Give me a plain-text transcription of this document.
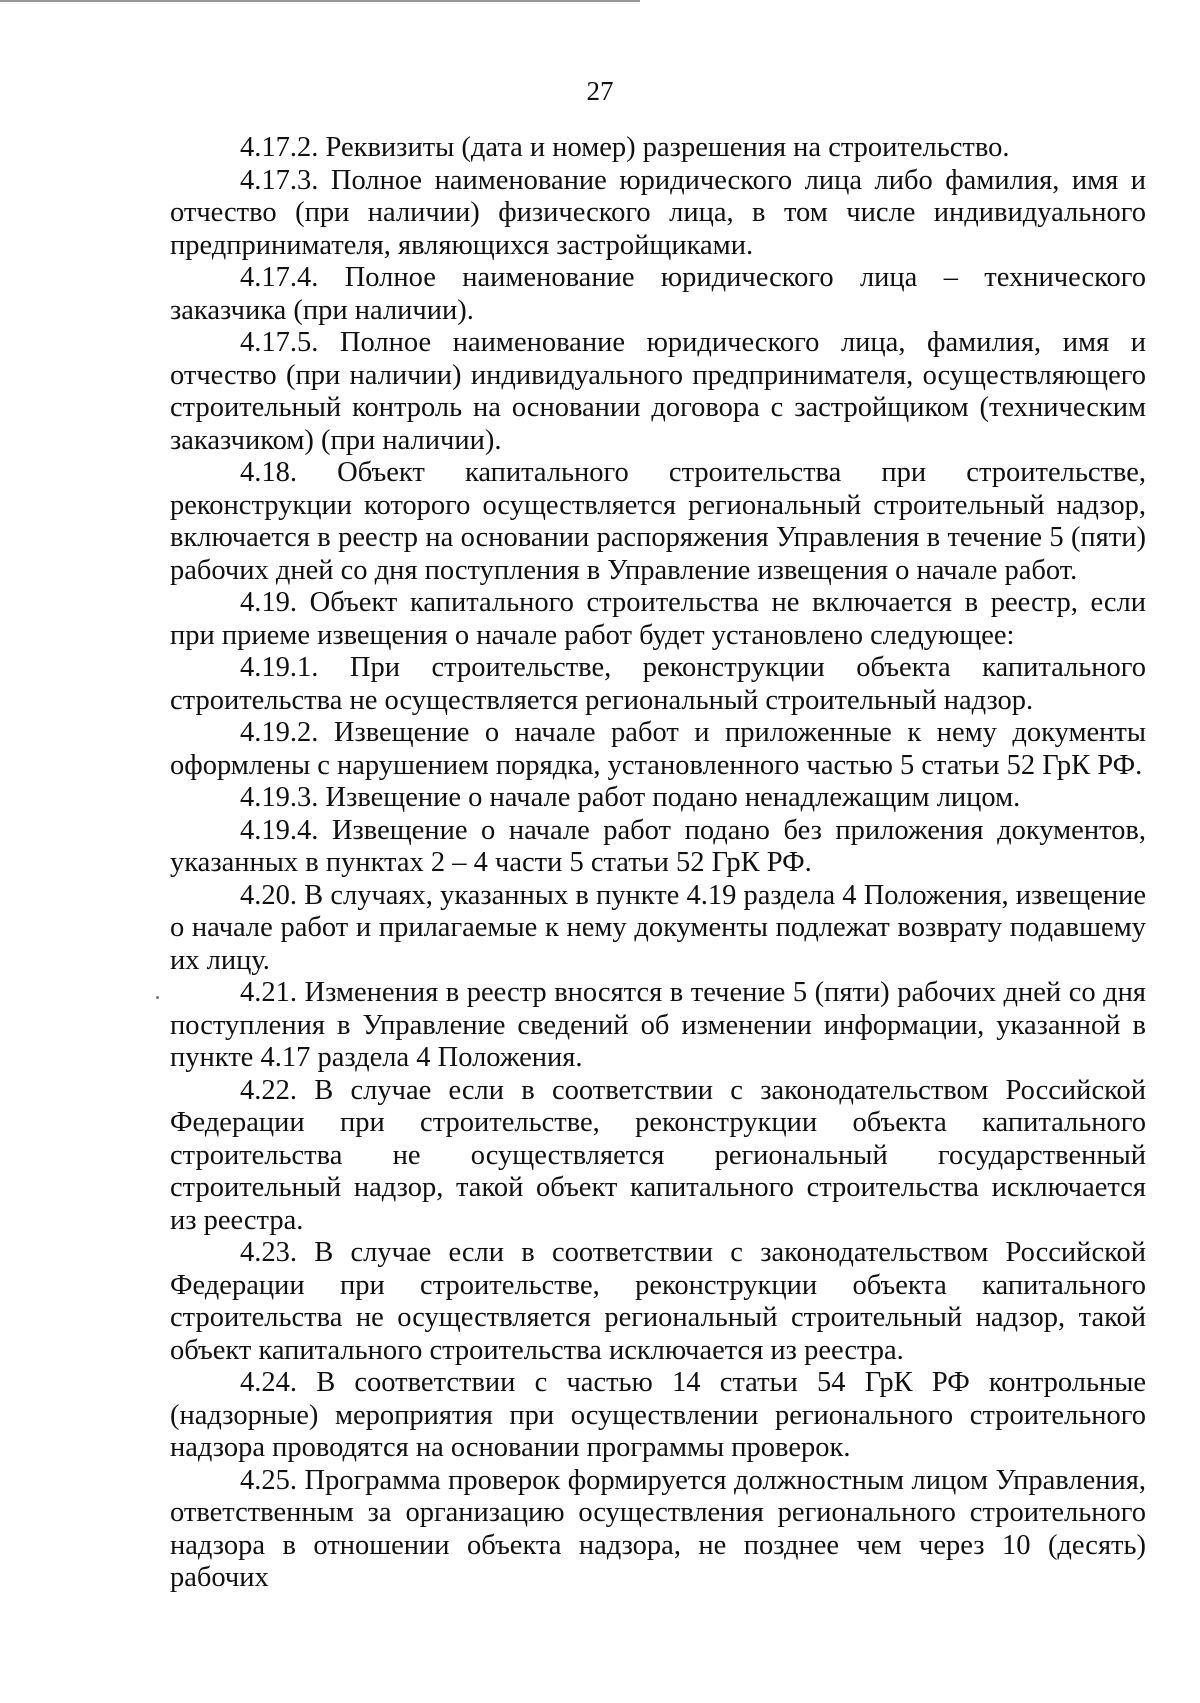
27

4.17.2. Реквизиты (дата и номер) разрешения на строительство.

4.17.3. Полное наименование юридического лица либо фамилия, имя и отчество (при наличии) физического лица, в том числе индивидуального предпринимателя, являющихся застройщиками.

4.17.4. Полное наименование юридического лица – технического заказчика (при наличии).

4.17.5. Полное наименование юридического лица, фамилия, имя и отчество (при наличии) индивидуального предпринимателя, осуществляющего строительный контроль на основании договора с застройщиком (техническим заказчиком) (при наличии).

4.18. Объект капитального строительства при строительстве, реконструкции которого осуществляется региональный строительный надзор, включается в реестр на основании распоряжения Управления в течение 5 (пяти) рабочих дней со дня поступления в Управление извещения о начале работ.

4.19. Объект капитального строительства не включается в реестр, если при приеме извещения о начале работ будет установлено следующее:

4.19.1. При строительстве, реконструкции объекта капитального строительства не осуществляется региональный строительный надзор.

4.19.2. Извещение о начале работ и приложенные к нему документы оформлены с нарушением порядка, установленного частью 5 статьи 52 ГрК РФ.

4.19.3. Извещение о начале работ подано ненадлежащим лицом.

4.19.4. Извещение о начале работ подано без приложения документов, указанных в пунктах 2 – 4 части 5 статьи 52 ГрК РФ.

4.20. В случаях, указанных в пункте 4.19 раздела 4 Положения, извещение о начале работ и прилагаемые к нему документы подлежат возврату подавшему их лицу.

4.21. Изменения в реестр вносятся в течение 5 (пяти) рабочих дней со дня поступления в Управление сведений об изменении информации, указанной в пункте 4.17 раздела 4 Положения.

4.22. В случае если в соответствии с законодательством Российской Федерации при строительстве, реконструкции объекта капитального строительства не осуществляется региональный государственный строительный надзор, такой объект капитального строительства исключается из реестра.

4.23. В случае если в соответствии с законодательством Российской Федерации при строительстве, реконструкции объекта капитального строительства не осуществляется региональный строительный надзор, такой объект капитального строительства исключается из реестра.

4.24. В соответствии с частью 14 статьи 54 ГрК РФ контрольные (надзорные) мероприятия при осуществлении регионального строительного надзора проводятся на основании программы проверок.

4.25. Программа проверок формируется должностным лицом Управления, ответственным за организацию осуществления регионального строительного надзора в отношении объекта надзора, не позднее чем через 10 (десять) рабочих
